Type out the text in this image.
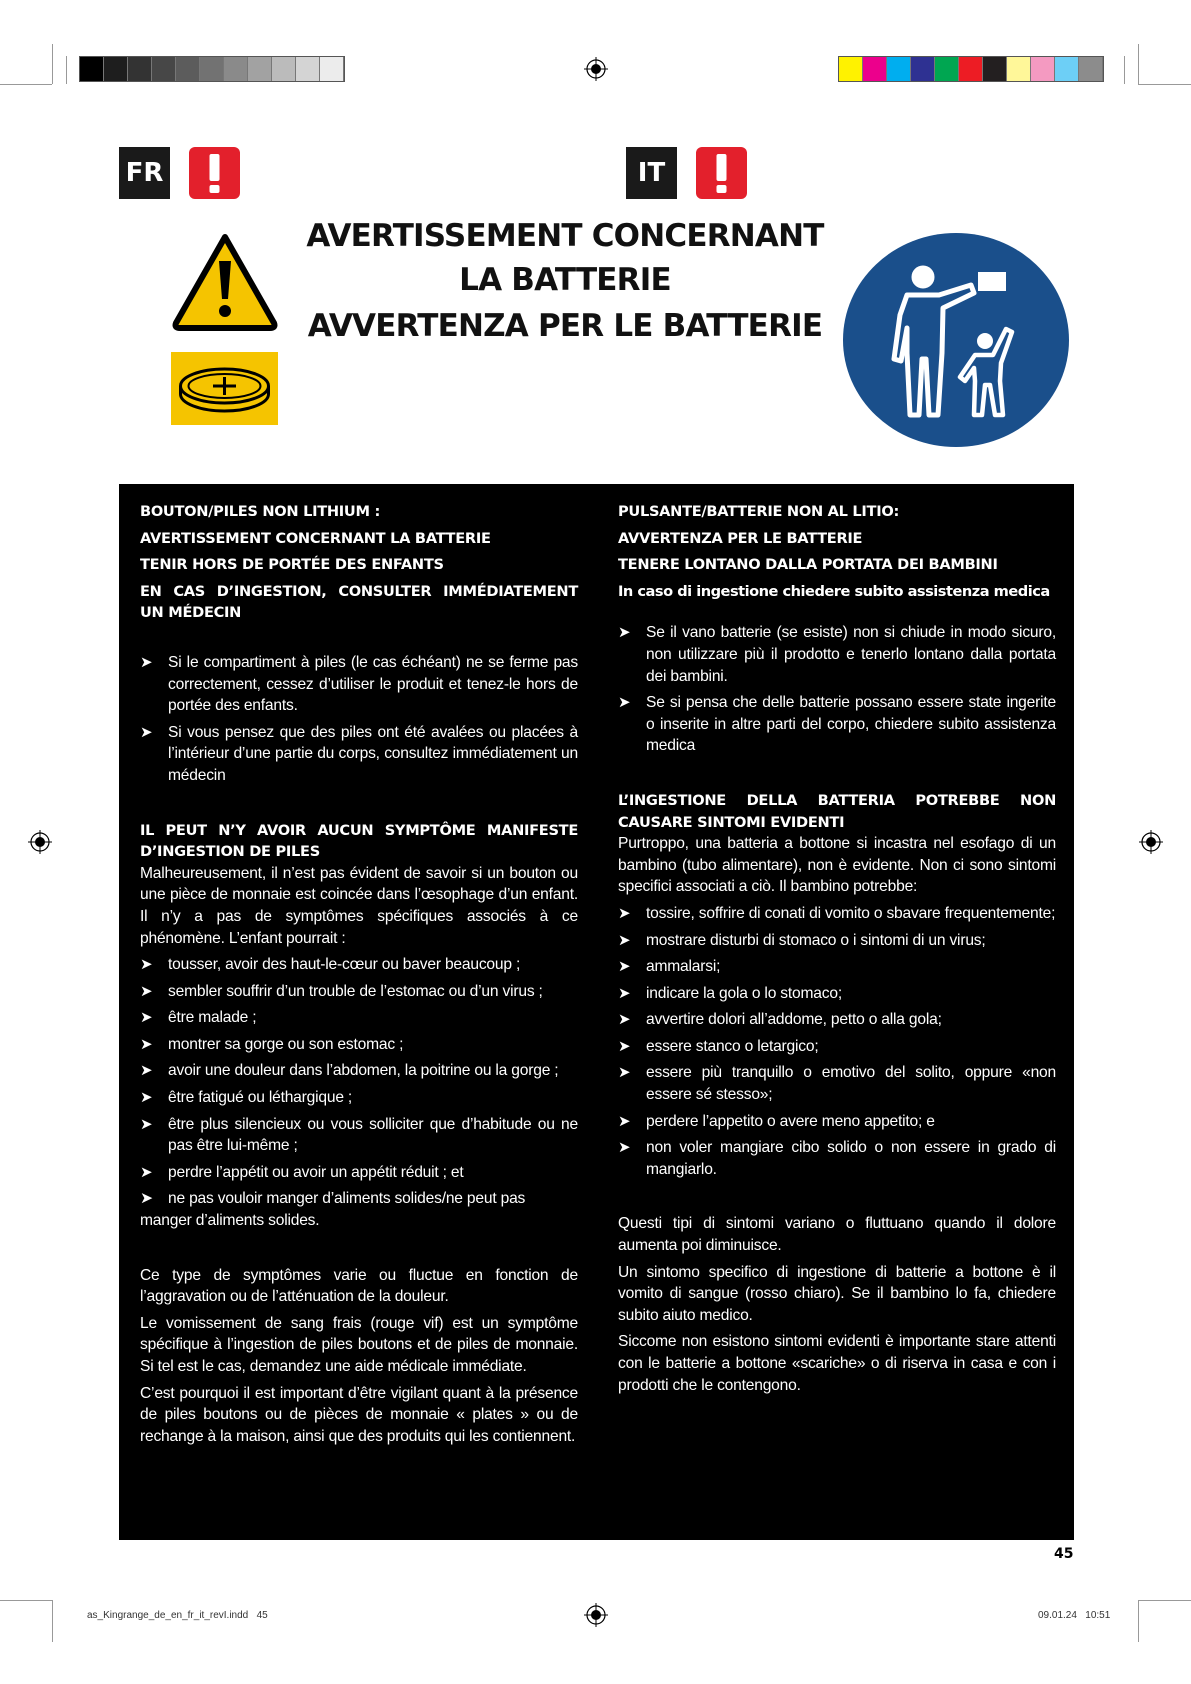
FR	IT
AVERTISSEMENT CONCERNANT
LA BATTERIE
AVVERTENZA PER LE BATTERIE
BOUTON/PILES NON LITHIUM :
AVERTISSEMENT CONCERNANT LA BATTERIE
TENIR HORS DE PORTÉE DES ENFANTS
EN CAS D’INGESTION, CONSULTER IMMÉDIATEMENT UN MÉDECIN
➤	Si le compartiment à piles (le cas échéant) ne se ferme pas correctement, cessez d’utiliser le produit et tenez-le hors de portée des enfants.
➤	Si vous pensez que des piles ont été avalées ou placées à l’intérieur d’une partie du corps, consultez immédiatement un médecin
IL PEUT N’Y AVOIR AUCUN SYMPTÔME MANIFESTE D’INGESTION DE PILES
Malheureusement, il n’est pas évident de savoir si un bouton ou une pièce de monnaie est coincée dans l’œsophage d’un enfant. Il n’y a pas de symptômes spécifiques associés à ce phénomène. L’enfant pourrait :
➤	tousser, avoir des haut-le-cœur ou baver beaucoup ;
➤	sembler souffrir d’un trouble de l’estomac ou d’un virus ;
➤	être malade ;
➤	montrer sa gorge ou son estomac ;
➤	avoir une douleur dans l’abdomen, la poitrine ou la gorge ;
➤	être fatigué ou léthargique ;
➤	être plus silencieux ou vous solliciter que d’habitude ou ne pas être lui-même ;
➤	perdre l’appétit ou avoir un appétit réduit ; et
➤ ne pas vouloir manger d’aliments solides/ne peut pas manger d’aliments solides.
Ce type de symptômes varie ou fluctue en fonction de l’aggravation ou de l’atténuation de la douleur.
Le vomissement de sang frais (rouge vif) est un symptôme spécifique à l’ingestion de piles boutons et de piles de monnaie. Si tel est le cas, demandez une aide médicale immédiate.
C’est pourquoi il est important d’être vigilant quant à la présence de piles boutons ou de pièces de monnaie « plates » ou de rechange à la maison, ainsi que des produits qui les contiennent.
PULSANTE/BATTERIE NON AL LITIO:
AVVERTENZA PER LE BATTERIE
TENERE LONTANO DALLA PORTATA DEI BAMBINI
In caso di ingestione chiedere subito assistenza medica
➤	Se il vano batterie (se esiste) non si chiude in modo sicuro, non utilizzare più il prodotto e tenerlo lontano dalla portata dei bambini.
➤	Se si pensa che delle batterie possano essere state ingerite o inserite in altre parti del corpo, chiedere subito assistenza medica
L’INGESTIONE DELLA BATTERIA POTREBBE NON CAUSARE SINTOMI EVIDENTI
Purtroppo, una batteria a bottone si incastra nel esofago di un bambino (tubo alimentare), non è evidente. Non ci sono sintomi specifici associati a ciò. Il bambino potrebbe:
➤	tossire, soffrire di conati di vomito o sbavare frequentemente;
➤	mostrare disturbi di stomaco o i sintomi di un virus;
➤	ammalarsi;
➤	indicare la gola o lo stomaco;
➤	avvertire dolori all’addome, petto o alla gola;
➤	essere stanco o letargico;
➤	essere più tranquillo o emotivo del solito, oppure «non essere sé stesso»;
➤	perdere l’appetito o avere meno appetito; e
➤	non voler mangiare cibo solido o non essere in grado di mangiarlo.
Questi tipi di sintomi variano o fluttuano quando il dolore aumenta poi diminuisce.
Un sintomo specifico di ingestione di batterie a bottone è il vomito di sangue (rosso chiaro). Se il bambino lo fa, chiedere subito aiuto medico.
Siccome non esistono sintomi evidenti è importante stare attenti con le batterie a bottone «scariche» o di riserva in casa e con i prodotti che le contengono.
45
as_Kingrange_de_en_fr_it_revI.indd   45	09.01.24   10:51
